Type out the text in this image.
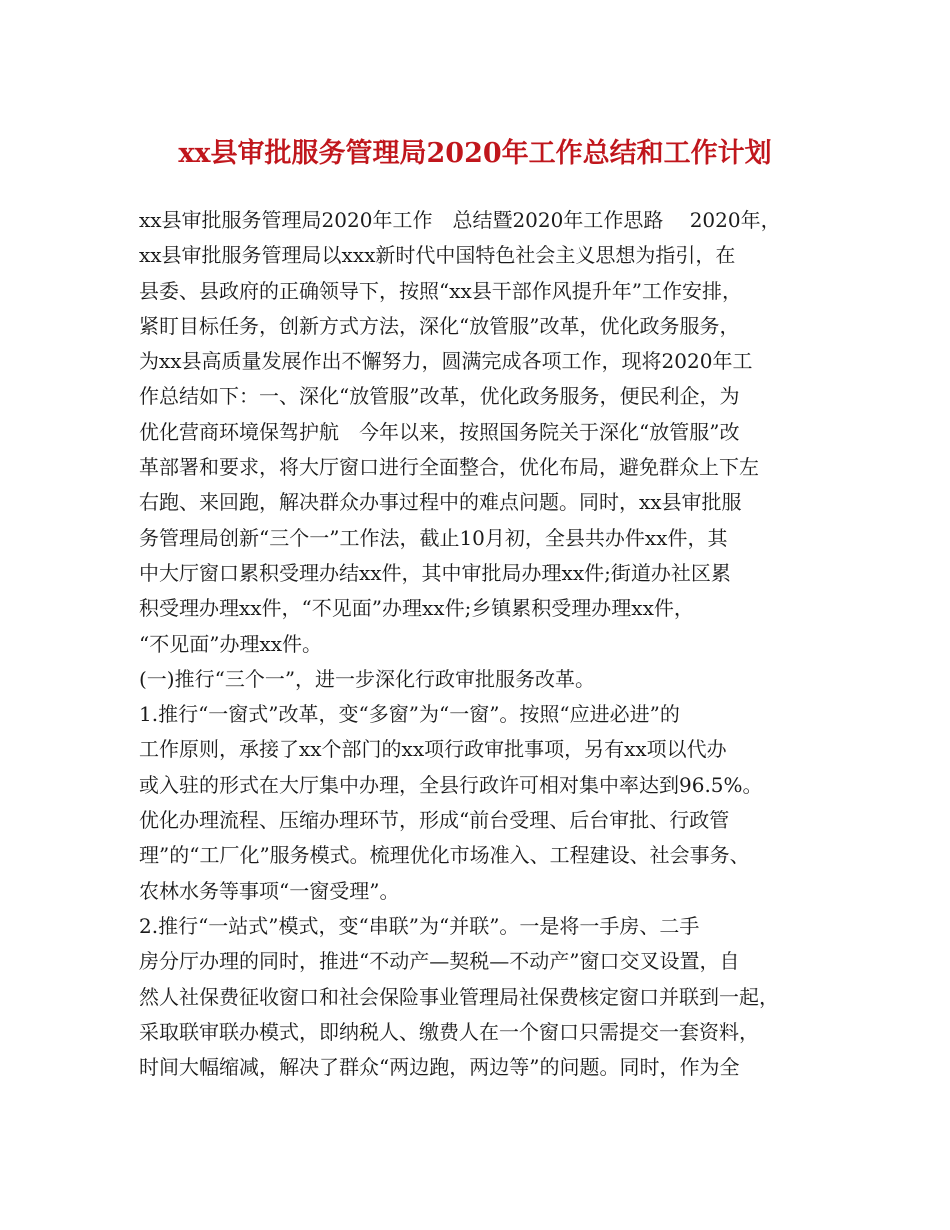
xx县审批服务管理局2020年工作总结和工作计划
xx县审批服务管理局2020年工作　总结暨2020年工作思路　 2020年，
xx县审批服务管理局以xxx新时代中国特色社会主义思想为指引，在
县委、县政府的正确领导下，按照“xx县干部作风提升年”工作安排，
紧盯目标任务，创新方式方法，深化“放管服”改革，优化政务服务，
为xx县高质量发展作出不懈努力，圆满完成各项工作，现将2020年工
作总结如下：一、深化“放管服”改革，优化政务服务，便民利企，为
优化营商环境保驾护航　今年以来，按照国务院关于深化“放管服”改
革部署和要求，将大厅窗口进行全面整合，优化布局，避免群众上下左
右跑、来回跑，解决群众办事过程中的难点问题。同时，xx县审批服
务管理局创新“三个一”工作法，截止10月初，全县共办件xx件，其
中大厅窗口累积受理办结xx件，其中审批局办理xx件;街道办社区累
积受理办理xx件，“不见面”办理xx件;乡镇累积受理办理xx件，
“不见面”办理xx件。
(一)推行“三个一”，进一步深化行政审批服务改革。
1.推行“一窗式”改革，变“多窗”为“一窗”。按照“应进必进”的
工作原则，承接了xx个部门的xx项行政审批事项，另有xx项以代办
或入驻的形式在大厅集中办理，全县行政许可相对集中率达到96.5%。
优化办理流程、压缩办理环节，形成“前台受理、后台审批、行政管
理”的“工厂化”服务模式。梳理优化市场准入、工程建设、社会事务、
农林水务等事项“一窗受理”。
2.推行“一站式”模式，变“串联”为“并联”。一是将一手房、二手
房分厅办理的同时，推进“不动产—契税—不动产”窗口交叉设置，自
然人社保费征收窗口和社会保险事业管理局社保费核定窗口并联到一起，
采取联审联办模式，即纳税人、缴费人在一个窗口只需提交一套资料，
时间大幅缩减，解决了群众“两边跑，两边等”的问题。同时，作为全
